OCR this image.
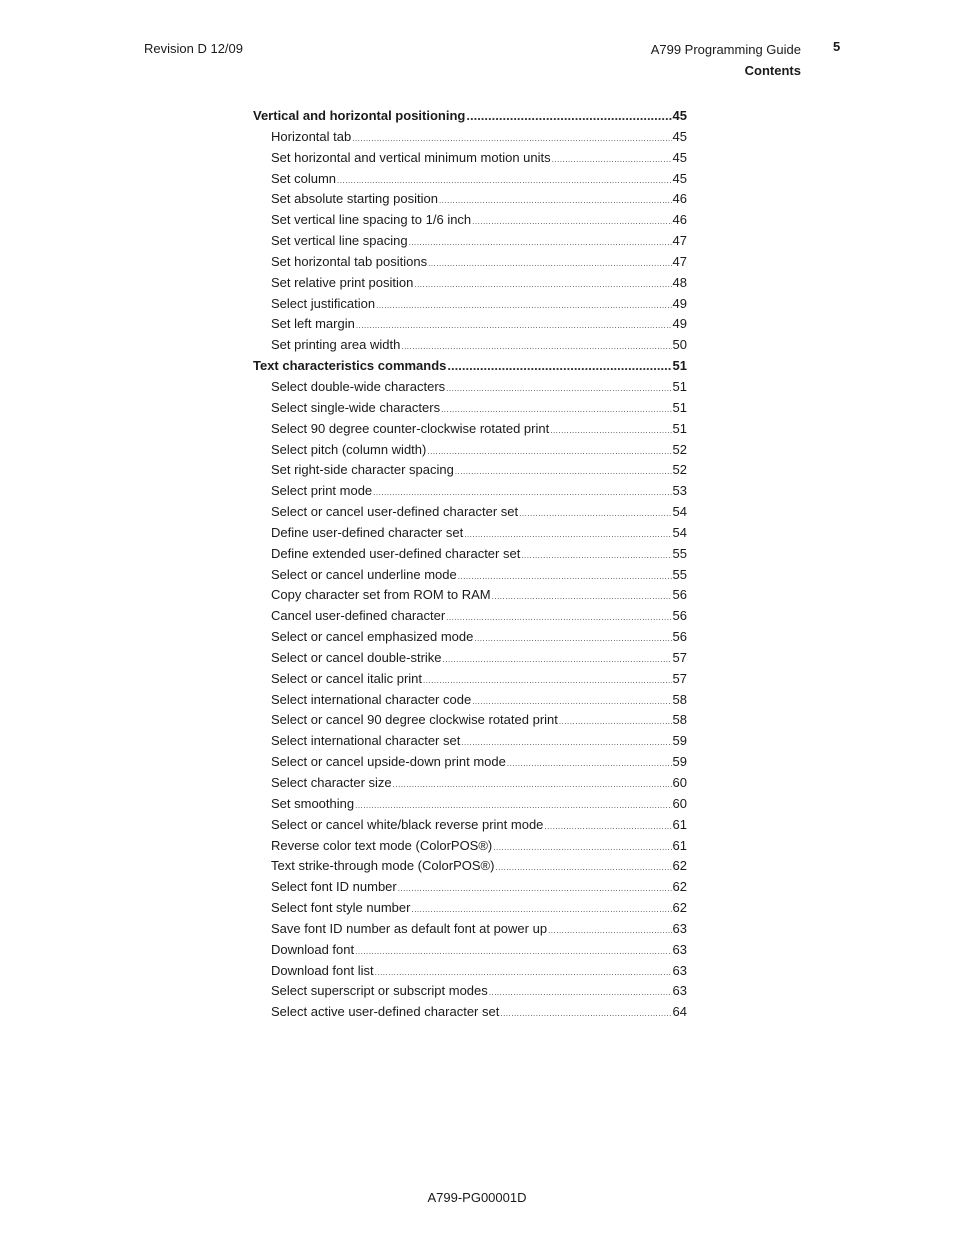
Revision D 12/09	A799 Programming Guide
Contents
5
Vertical and horizontal positioning .....	45
Horizontal tab .....	45
Set horizontal and vertical minimum motion units .....	45
Set column .....	45
Set absolute starting position .....	46
Set vertical line spacing to 1/6 inch .....	46
Set vertical line spacing .....	47
Set horizontal tab positions .....	47
Set relative print position .....	48
Select justification .....	49
Set left margin .....	49
Set printing area width .....	50
Text characteristics commands .....	51
Select double-wide characters .....	51
Select single-wide characters .....	51
Select 90 degree counter-clockwise rotated print .....	51
Select pitch (column width) .....	52
Set right-side character spacing .....	52
Select print mode .....	53
Select or cancel user-defined character set .....	54
Define user-defined character set .....	54
Define extended user-defined character set .....	55
Select or cancel underline mode .....	55
Copy character set from ROM to RAM .....	56
Cancel user-defined character .....	56
Select or cancel emphasized mode .....	56
Select or cancel double-strike .....	57
Select or cancel italic print .....	57
Select international character code .....	58
Select or cancel 90 degree clockwise rotated print .....	58
Select international character set .....	59
Select or cancel upside-down print mode .....	59
Select character size .....	60
Set smoothing .....	60
Select or cancel white/black reverse print mode .....	61
Reverse color text mode (ColorPOS®) .....	61
Text strike-through mode (ColorPOS®) .....	62
Select font ID number .....	62
Select font style number .....	62
Save font ID number as default font at power up .....	63
Download font .....	63
Download font list .....	63
Select superscript or subscript modes .....	63
Select active user-defined character set .....	64
A799-PG00001D
